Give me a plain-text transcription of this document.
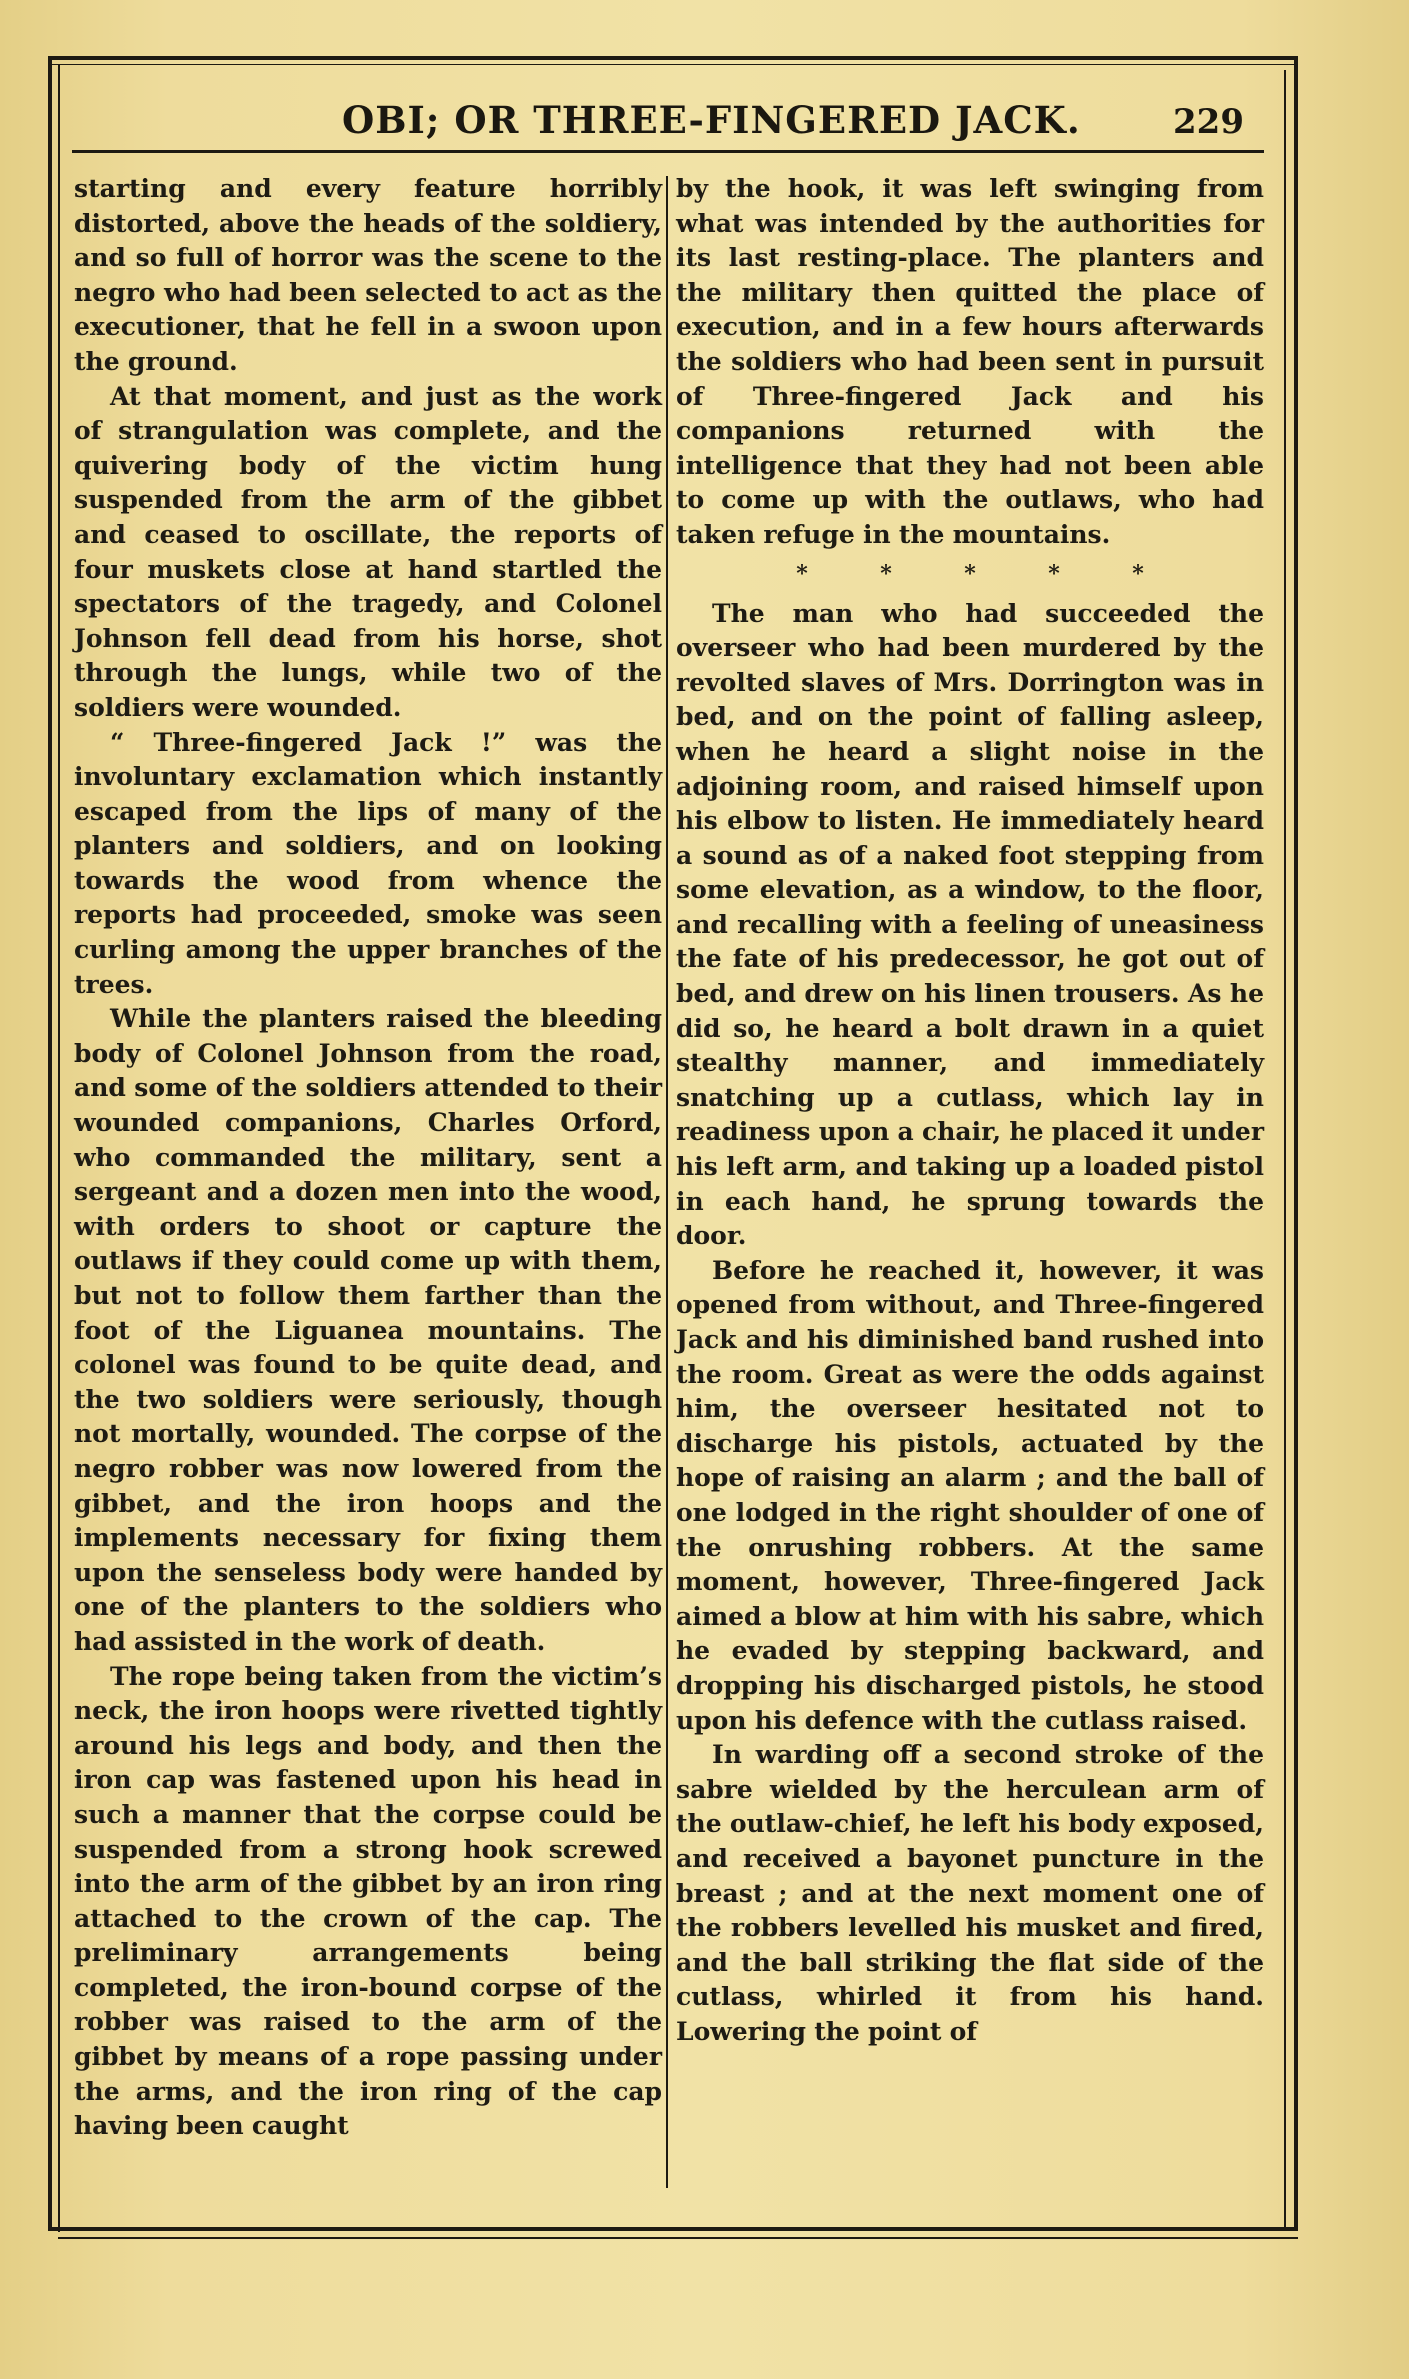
OBI; OR THREE-FINGERED JACK.	229

starting and every feature horribly distorted, above the heads of the soldiery, and so full of horror was the scene to the negro who had been selected to act as the executioner, that he fell in a swoon upon the ground.

At that moment, and just as the work of strangulation was complete, and the quivering body of the victim hung suspended from the arm of the gibbet and ceased to oscillate, the reports of four muskets close at hand startled the spectators of the tragedy, and Colonel Johnson fell dead from his horse, shot through the lungs, while two of the soldiers were wounded.

“ Three-fingered Jack !” was the involuntary exclamation which instantly escaped from the lips of many of the planters and soldiers, and on looking towards the wood from whence the reports had proceeded, smoke was seen curling among the upper branches of the trees.

While the planters raised the bleeding body of Colonel Johnson from the road, and some of the soldiers attended to their wounded companions, Charles Orford, who commanded the military, sent a sergeant and a dozen men into the wood, with orders to shoot or capture the outlaws if they could come up with them, but not to follow them farther than the foot of the Liguanea mountains. The colonel was found to be quite dead, and the two soldiers were seriously, though not mortally, wounded. The corpse of the negro robber was now lowered from the gibbet, and the iron hoops and the implements necessary for fixing them upon the senseless body were handed by one of the planters to the soldiers who had assisted in the work of death.

The rope being taken from the victim’s neck, the iron hoops were rivetted tightly around his legs and body, and then the iron cap was fastened upon his head in such a manner that the corpse could be suspended from a strong hook screwed into the arm of the gibbet by an iron ring attached to the crown of the cap. The preliminary arrangements being completed, the iron-bound corpse of the robber was raised to the arm of the gibbet by means of a rope passing under the arms, and the iron ring of the cap having been caught

by the hook, it was left swinging from what was intended by the authorities for its last resting-place. The planters and the military then quitted the place of execution, and in a few hours afterwards the soldiers who had been sent in pursuit of Three-fingered Jack and his companions returned with the intelligence that they had not been able to come up with the outlaws, who had taken refuge in the mountains.

*	*	*	*	*

The man who had succeeded the overseer who had been murdered by the revolted slaves of Mrs. Dorrington was in bed, and on the point of falling asleep, when he heard a slight noise in the adjoining room, and raised himself upon his elbow to listen. He immediately heard a sound as of a naked foot stepping from some elevation, as a window, to the floor, and recalling with a feeling of uneasiness the fate of his predecessor, he got out of bed, and drew on his linen trousers. As he did so, he heard a bolt drawn in a quiet stealthy manner, and immediately snatching up a cutlass, which lay in readiness upon a chair, he placed it under his left arm, and taking up a loaded pistol in each hand, he sprung towards the door.

Before he reached it, however, it was opened from without, and Three-fingered Jack and his diminished band rushed into the room. Great as were the odds against him, the overseer hesitated not to discharge his pistols, actuated by the hope of raising an alarm ; and the ball of one lodged in the right shoulder of one of the onrushing robbers. At the same moment, however, Three-fingered Jack aimed a blow at him with his sabre, which he evaded by stepping backward, and dropping his discharged pistols, he stood upon his defence with the cutlass raised.

In warding off a second stroke of the sabre wielded by the herculean arm of the outlaw-chief, he left his body exposed, and received a bayonet puncture in the breast ; and at the next moment one of the robbers levelled his musket and fired, and the ball striking the flat side of the cutlass, whirled it from his hand. Lowering the point of
